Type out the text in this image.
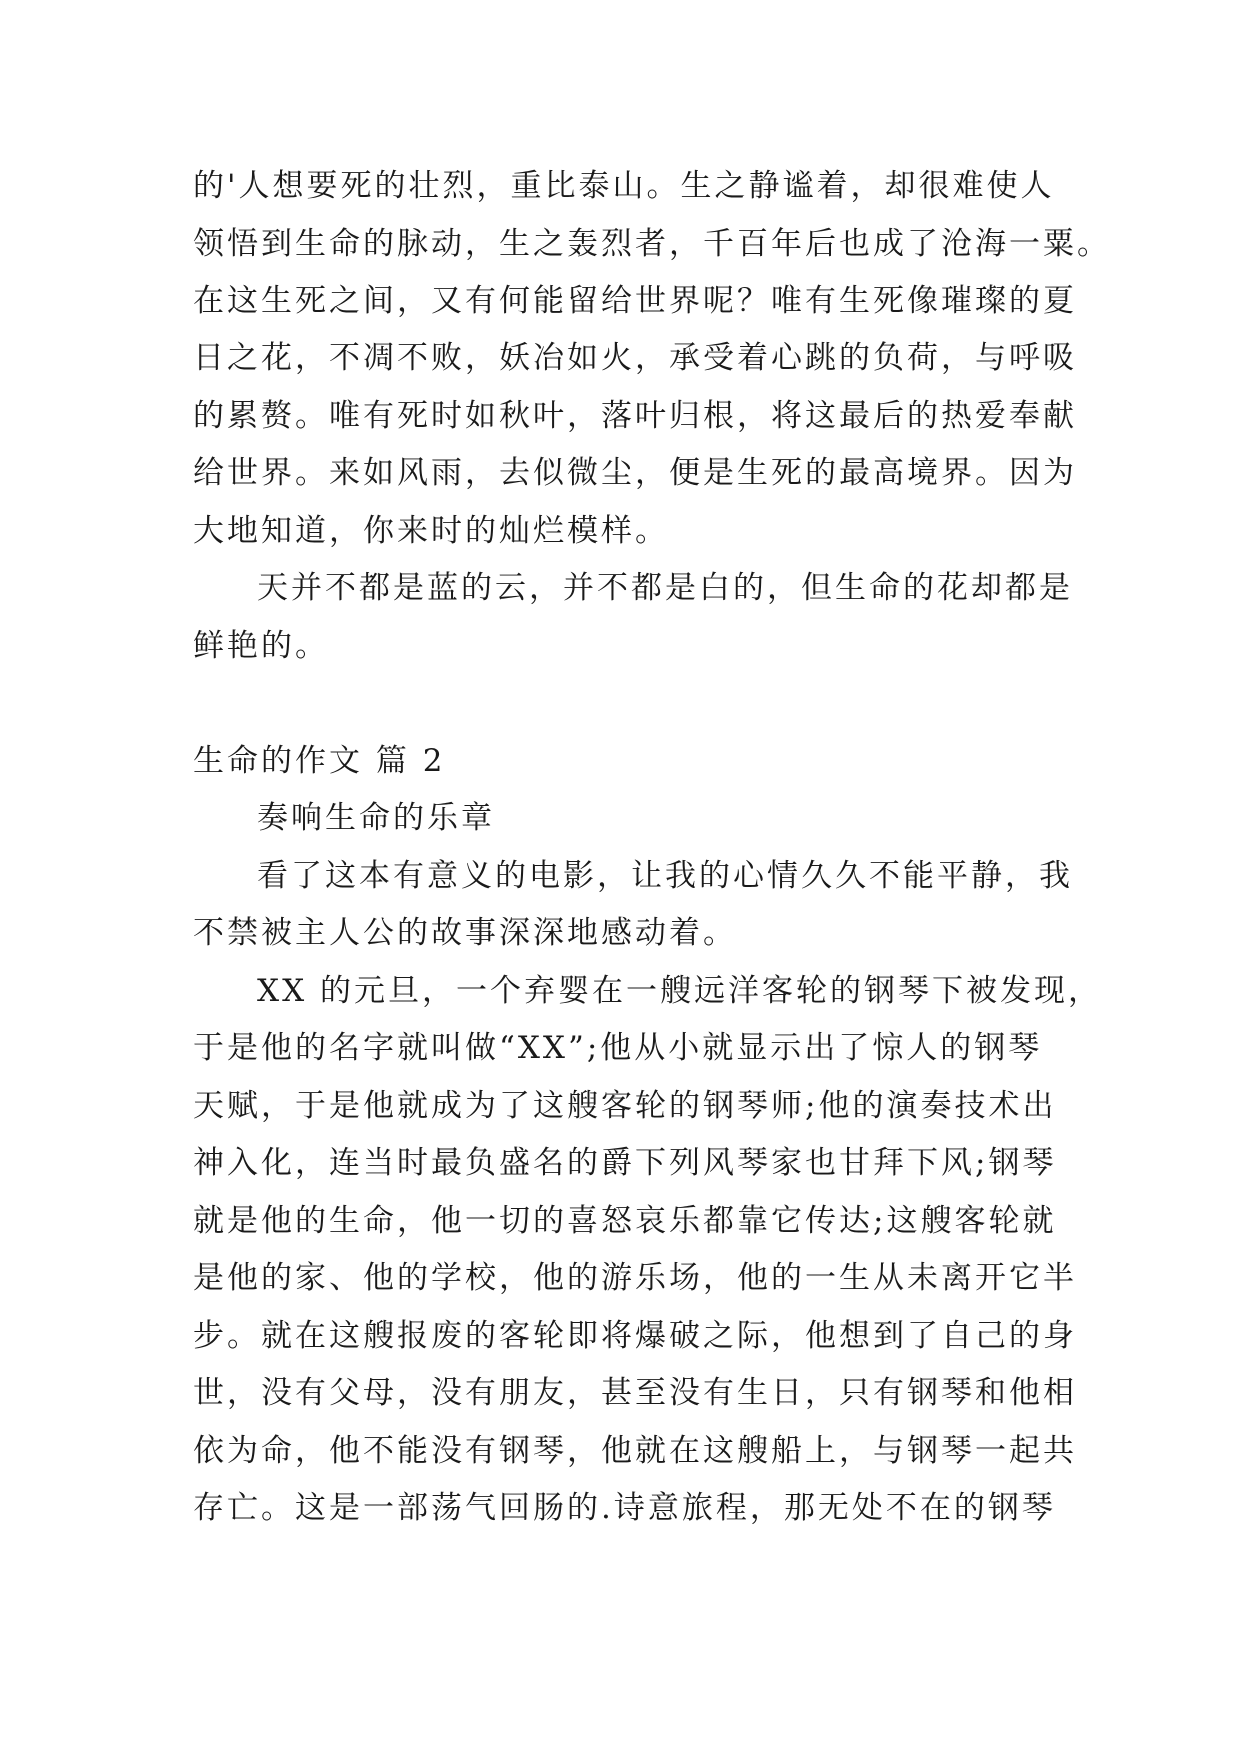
的'人想要死的壮烈，重比泰山。生之静谧着，却很难使人
领悟到生命的脉动，生之轰烈者，千百年后也成了沧海一粟。
在这生死之间，又有何能留给世界呢？唯有生死像璀璨的夏
日之花，不凋不败，妖冶如火，承受着心跳的负荷，与呼吸
的累赘。唯有死时如秋叶，落叶归根，将这最后的热爱奉献
给世界。来如风雨，去似微尘，便是生死的最高境界。因为
大地知道，你来时的灿烂模样。
天并不都是蓝的云，并不都是白的，但生命的花却都是
鲜艳的。
生命的作文 篇 2
奏响生命的乐章
看了这本有意义的电影，让我的心情久久不能平静，我
不禁被主人公的故事深深地感动着。
XX 的元旦，一个弃婴在一艘远洋客轮的钢琴下被发现，
于是他的名字就叫做“XX”;他从小就显示出了惊人的钢琴
天赋，于是他就成为了这艘客轮的钢琴师;他的演奏技术出
神入化，连当时最负盛名的爵下列风琴家也甘拜下风;钢琴
就是他的生命，他一切的喜怒哀乐都靠它传达;这艘客轮就
是他的家、他的学校，他的游乐场，他的一生从未离开它半
步。就在这艘报废的客轮即将爆破之际，他想到了自己的身
世，没有父母，没有朋友，甚至没有生日，只有钢琴和他相
依为命，他不能没有钢琴，他就在这艘船上，与钢琴一起共
存亡。这是一部荡气回肠的.诗意旅程，那无处不在的钢琴
